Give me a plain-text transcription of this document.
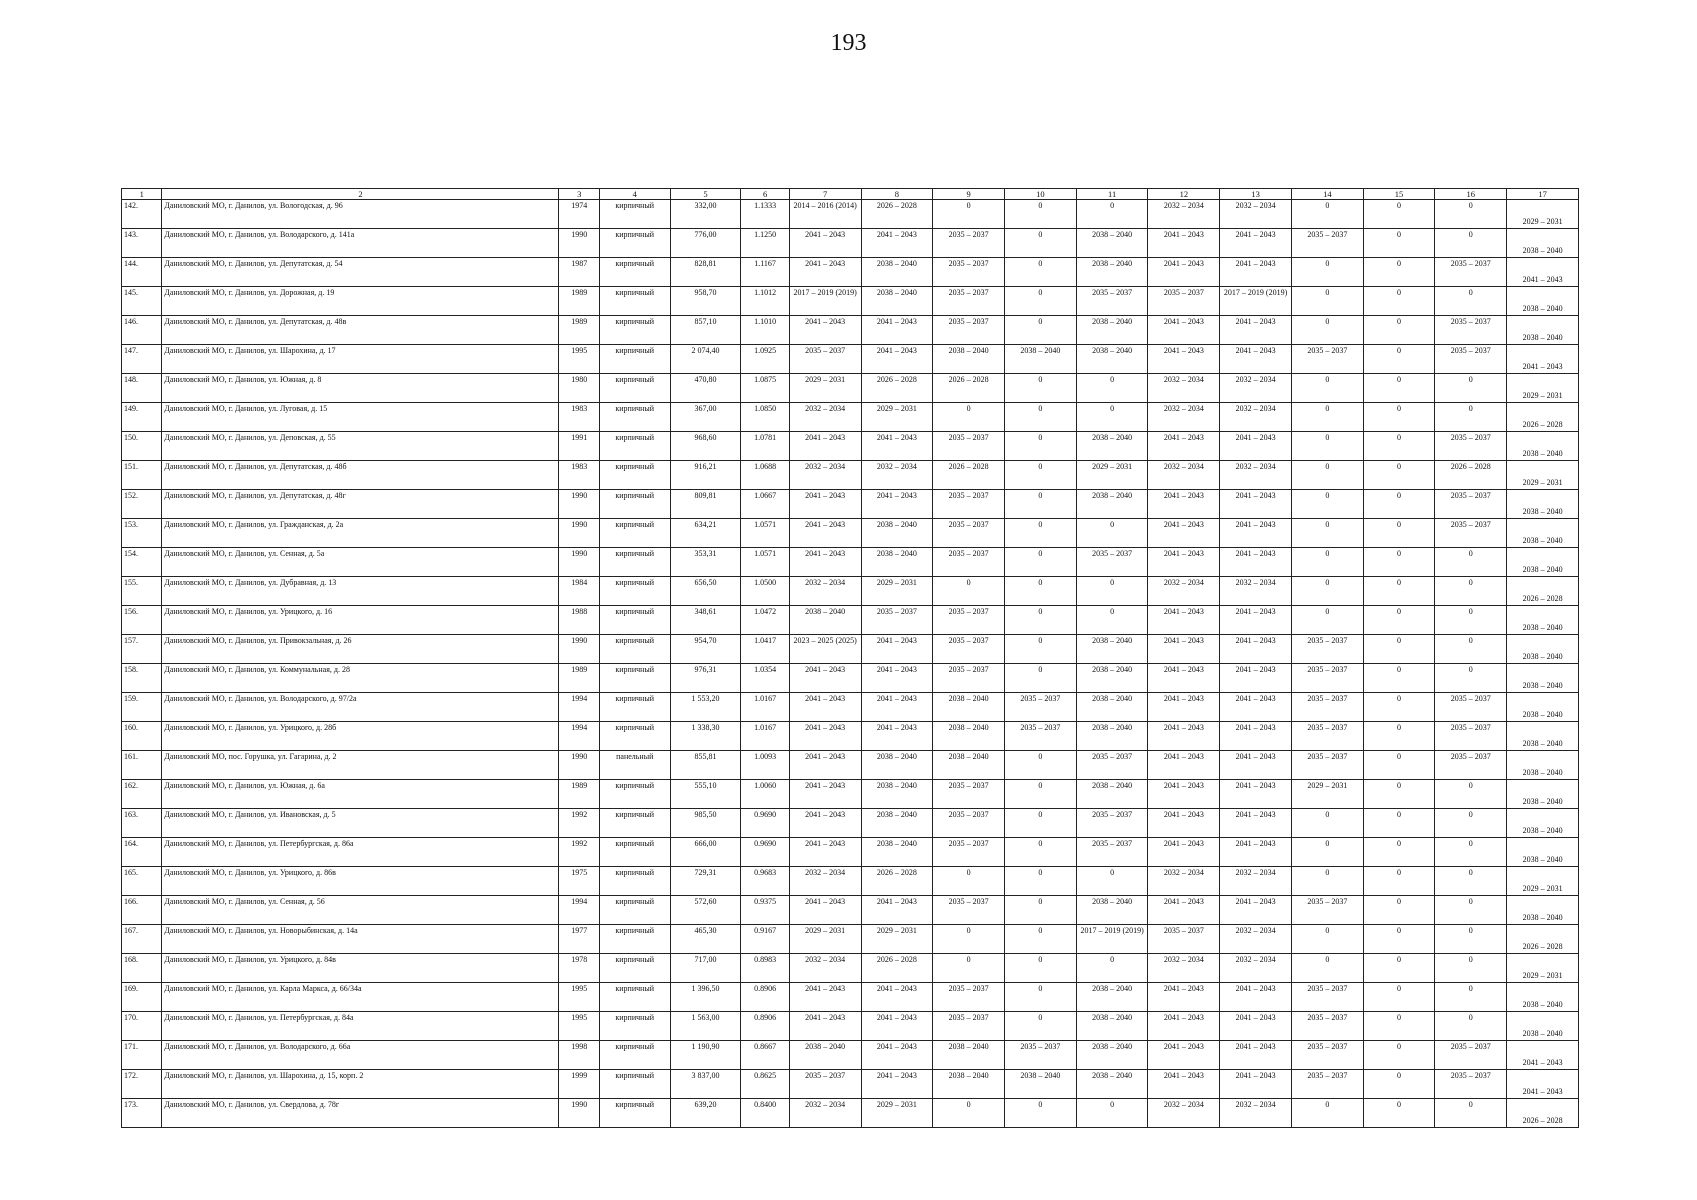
193
1	2	3	4	5	6	7	8	9	10	11	12	13	14	15	16	17
142.	Даниловский МО, г. Данилов, ул. Вологодская, д. 96	1974	кирпичный	332,00	1.1333	2014 – 2016 (2014)	2026 – 2028	0	0	0	2032 – 2034	2032 – 2034	0	0	0	2029 – 2031
143.	Даниловский МО, г. Данилов, ул. Володарского, д. 141а	1990	кирпичный	776,00	1.1250	2041 – 2043	2041 – 2043	2035 – 2037	0	2038 – 2040	2041 – 2043	2041 – 2043	2035 – 2037	0	0	2038 – 2040
144.	Даниловский МО, г. Данилов, ул. Депутатская, д. 54	1987	кирпичный	828,81	1.1167	2041 – 2043	2038 – 2040	2035 – 2037	0	2038 – 2040	2041 – 2043	2041 – 2043	0	0	2035 – 2037	2041 – 2043
145.	Даниловский МО, г. Данилов, ул. Дорожная, д. 19	1989	кирпичный	958,70	1.1012	2017 – 2019 (2019)	2038 – 2040	2035 – 2037	0	2035 – 2037	2035 – 2037	2017 – 2019 (2019)	0	0	0	2038 – 2040
146.	Даниловский МО, г. Данилов, ул. Депутатская, д. 48в	1989	кирпичный	857,10	1.1010	2041 – 2043	2041 – 2043	2035 – 2037	0	2038 – 2040	2041 – 2043	2041 – 2043	0	0	2035 – 2037	2038 – 2040
147.	Даниловский МО, г. Данилов, ул. Шарохина, д. 17	1995	кирпичный	2 074,40	1.0925	2035 – 2037	2041 – 2043	2038 – 2040	2038 – 2040	2038 – 2040	2041 – 2043	2041 – 2043	2035 – 2037	0	2035 – 2037	2041 – 2043
148.	Даниловский МО, г. Данилов, ул. Южная, д. 8	1980	кирпичный	470,80	1.0875	2029 – 2031	2026 – 2028	2026 – 2028	0	0	2032 – 2034	2032 – 2034	0	0	0	2029 – 2031
149.	Даниловский МО, г. Данилов, ул. Луговая, д. 15	1983	кирпичный	367,00	1.0850	2032 – 2034	2029 – 2031	0	0	0	2032 – 2034	2032 – 2034	0	0	0	2026 – 2028
150.	Даниловский МО, г. Данилов, ул. Деповская, д. 55	1991	кирпичный	968,60	1.0781	2041 – 2043	2041 – 2043	2035 – 2037	0	2038 – 2040	2041 – 2043	2041 – 2043	0	0	2035 – 2037	2038 – 2040
151.	Даниловский МО, г. Данилов, ул. Депутатская, д. 48б	1983	кирпичный	916,21	1.0688	2032 – 2034	2032 – 2034	2026 – 2028	0	2029 – 2031	2032 – 2034	2032 – 2034	0	0	2026 – 2028	2029 – 2031
152.	Даниловский МО, г. Данилов, ул. Депутатская, д. 48г	1990	кирпичный	809,81	1.0667	2041 – 2043	2041 – 2043	2035 – 2037	0	2038 – 2040	2041 – 2043	2041 – 2043	0	0	2035 – 2037	2038 – 2040
153.	Даниловский МО, г. Данилов, ул. Гражданская, д. 2а	1990	кирпичный	634,21	1.0571	2041 – 2043	2038 – 2040	2035 – 2037	0	0	2041 – 2043	2041 – 2043	0	0	2035 – 2037	2038 – 2040
154.	Даниловский МО, г. Данилов, ул. Сенная, д. 5а	1990	кирпичный	353,31	1.0571	2041 – 2043	2038 – 2040	2035 – 2037	0	2035 – 2037	2041 – 2043	2041 – 2043	0	0	0	2038 – 2040
155.	Даниловский МО, г. Данилов, ул. Дубравная, д. 13	1984	кирпичный	656,50	1.0500	2032 – 2034	2029 – 2031	0	0	0	2032 – 2034	2032 – 2034	0	0	0	2026 – 2028
156.	Даниловский МО, г. Данилов, ул. Урицкого, д. 16	1988	кирпичный	348,61	1.0472	2038 – 2040	2035 – 2037	2035 – 2037	0	0	2041 – 2043	2041 – 2043	0	0	0	2038 – 2040
157.	Даниловский МО, г. Данилов, ул. Привокзальная, д. 26	1990	кирпичный	954,70	1.0417	2023 – 2025 (2025)	2041 – 2043	2035 – 2037	0	2038 – 2040	2041 – 2043	2041 – 2043	2035 – 2037	0	0	2038 – 2040
158.	Даниловский МО, г. Данилов, ул. Коммунальная, д. 28	1989	кирпичный	976,31	1.0354	2041 – 2043	2041 – 2043	2035 – 2037	0	2038 – 2040	2041 – 2043	2041 – 2043	2035 – 2037	0	0	2038 – 2040
159.	Даниловский МО, г. Данилов, ул. Володарского, д. 97/2а	1994	кирпичный	1 553,20	1.0167	2041 – 2043	2041 – 2043	2038 – 2040	2035 – 2037	2038 – 2040	2041 – 2043	2041 – 2043	2035 – 2037	0	2035 – 2037	2038 – 2040
160.	Даниловский МО, г. Данилов, ул. Урицкого, д. 28б	1994	кирпичный	1 338,30	1.0167	2041 – 2043	2041 – 2043	2038 – 2040	2035 – 2037	2038 – 2040	2041 – 2043	2041 – 2043	2035 – 2037	0	2035 – 2037	2038 – 2040
161.	Даниловский МО, пос. Горушка, ул. Гагарина, д. 2	1990	панельный	855,81	1.0093	2041 – 2043	2038 – 2040	2038 – 2040	0	2035 – 2037	2041 – 2043	2041 – 2043	2035 – 2037	0	2035 – 2037	2038 – 2040
162.	Даниловский МО, г. Данилов, ул. Южная, д. 6а	1989	кирпичный	555,10	1.0060	2041 – 2043	2038 – 2040	2035 – 2037	0	2038 – 2040	2041 – 2043	2041 – 2043	2029 – 2031	0	0	2038 – 2040
163.	Даниловский МО, г. Данилов, ул. Ивановская, д. 5	1992	кирпичный	985,50	0.9690	2041 – 2043	2038 – 2040	2035 – 2037	0	2035 – 2037	2041 – 2043	2041 – 2043	0	0	0	2038 – 2040
164.	Даниловский МО, г. Данилов, ул. Петербургская, д. 86а	1992	кирпичный	666,00	0.9690	2041 – 2043	2038 – 2040	2035 – 2037	0	2035 – 2037	2041 – 2043	2041 – 2043	0	0	0	2038 – 2040
165.	Даниловский МО, г. Данилов, ул. Урицкого, д. 86в	1975	кирпичный	729,31	0.9683	2032 – 2034	2026 – 2028	0	0	0	2032 – 2034	2032 – 2034	0	0	0	2029 – 2031
166.	Даниловский МО, г. Данилов, ул. Сенная, д. 56	1994	кирпичный	572,60	0.9375	2041 – 2043	2041 – 2043	2035 – 2037	0	2038 – 2040	2041 – 2043	2041 – 2043	2035 – 2037	0	0	2038 – 2040
167.	Даниловский МО, г. Данилов, ул. Новорыбинская, д. 14а	1977	кирпичный	465,30	0.9167	2029 – 2031	2029 – 2031	0	0	2017 – 2019 (2019)	2035 – 2037	2032 – 2034	0	0	0	2026 – 2028
168.	Даниловский МО, г. Данилов, ул. Урицкого, д. 84в	1978	кирпичный	717,00	0.8983	2032 – 2034	2026 – 2028	0	0	0	2032 – 2034	2032 – 2034	0	0	0	2029 – 2031
169.	Даниловский МО, г. Данилов, ул. Карла Маркса, д. 66/34а	1995	кирпичный	1 396,50	0.8906	2041 – 2043	2041 – 2043	2035 – 2037	0	2038 – 2040	2041 – 2043	2041 – 2043	2035 – 2037	0	0	2038 – 2040
170.	Даниловский МО, г. Данилов, ул. Петербургская, д. 84а	1995	кирпичный	1 563,00	0.8906	2041 – 2043	2041 – 2043	2035 – 2037	0	2038 – 2040	2041 – 2043	2041 – 2043	2035 – 2037	0	0	2038 – 2040
171.	Даниловский МО, г. Данилов, ул. Володарского, д. 66а	1998	кирпичный	1 190,90	0.8667	2038 – 2040	2041 – 2043	2038 – 2040	2035 – 2037	2038 – 2040	2041 – 2043	2041 – 2043	2035 – 2037	0	2035 – 2037	2041 – 2043
172.	Даниловский МО, г. Данилов, ул. Шарохина, д. 15, корп. 2	1999	кирпичный	3 837,00	0.8625	2035 – 2037	2041 – 2043	2038 – 2040	2038 – 2040	2038 – 2040	2041 – 2043	2041 – 2043	2035 – 2037	0	2035 – 2037	2041 – 2043
173.	Даниловский МО, г. Данилов, ул. Свердлова, д. 78г	1990	кирпичный	639,20	0.8400	2032 – 2034	2029 – 2031	0	0	0	2032 – 2034	2032 – 2034	0	0	0	2026 – 2028
